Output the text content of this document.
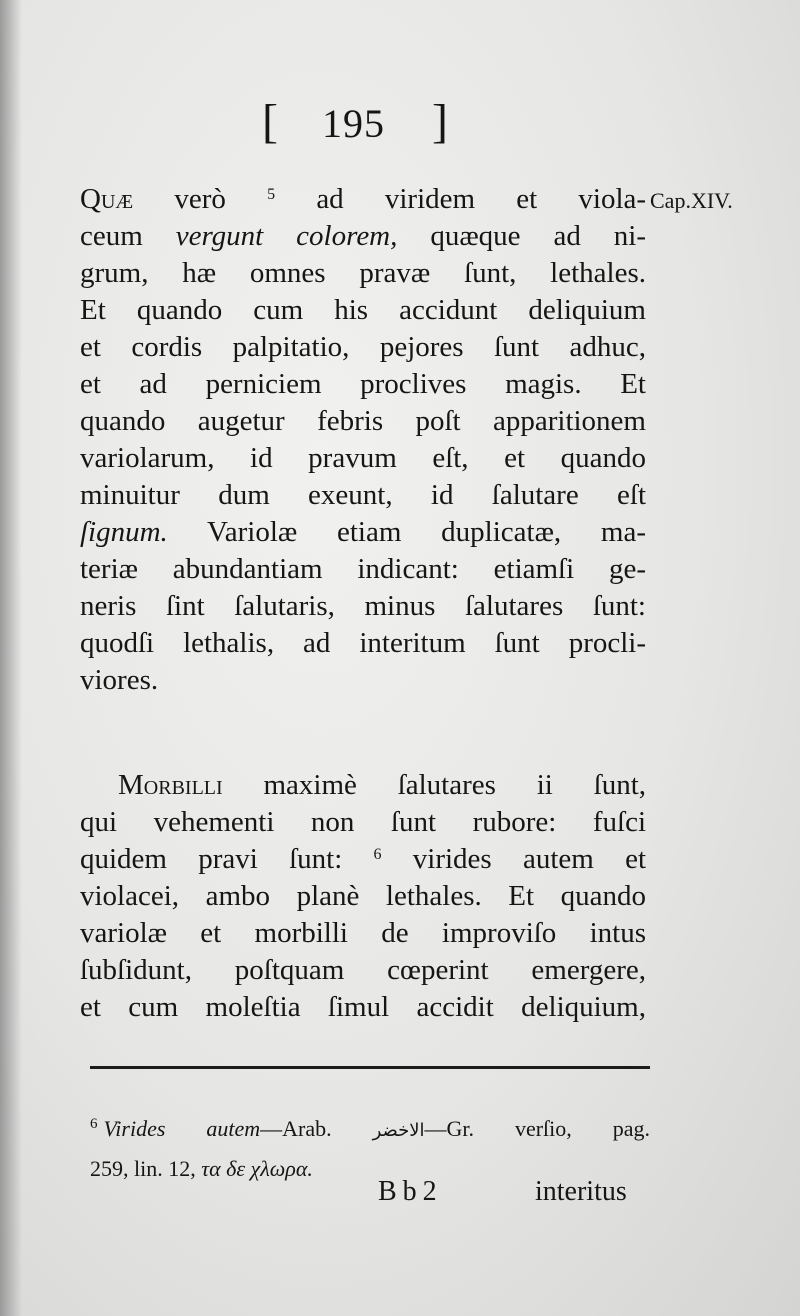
[ 195 ]
Cap.XIV.
Quæ verò	$^5$ ad viridem et viola-
ceum vergunt colorem, quæque ad ni-
grum, hæ omnes pravæ ſunt, lethales.
Et quando cum his accidunt deliquium
et cordis palpitatio, pejores ſunt adhuc,
et ad perniciem proclives magis. Et
quando augetur febris poſt apparitionem
variolarum, id pravum eſt, et quando
minuitur dum exeunt, id ſalutare eſt
ſignum. Variolæ etiam duplicatæ, ma-
teriæ abundantiam indicant: etiamſi ge-
neris ſint ſalutaris, minus ſalutares ſunt:
quodſi lethalis, ad interitum ſunt procli-
viores.
Morbilli maximè ſalutares ii ſunt,
qui vehementi non ſunt rubore: fuſci
quidem pravi ſunt: $^6$ virides autem et
violacei, ambo planè lethales. Et quando
variolæ et morbilli de improviſo intus
ſubſidunt, poſtquam cœperint emergere,
et cum moleſtia ſimul accidit deliquium,
$^6$ Virides autem—Arab. الاخضر—Gr. verſio, pag.
259, lin. 12, τα δε χλωρα.
Bb2	interitus
